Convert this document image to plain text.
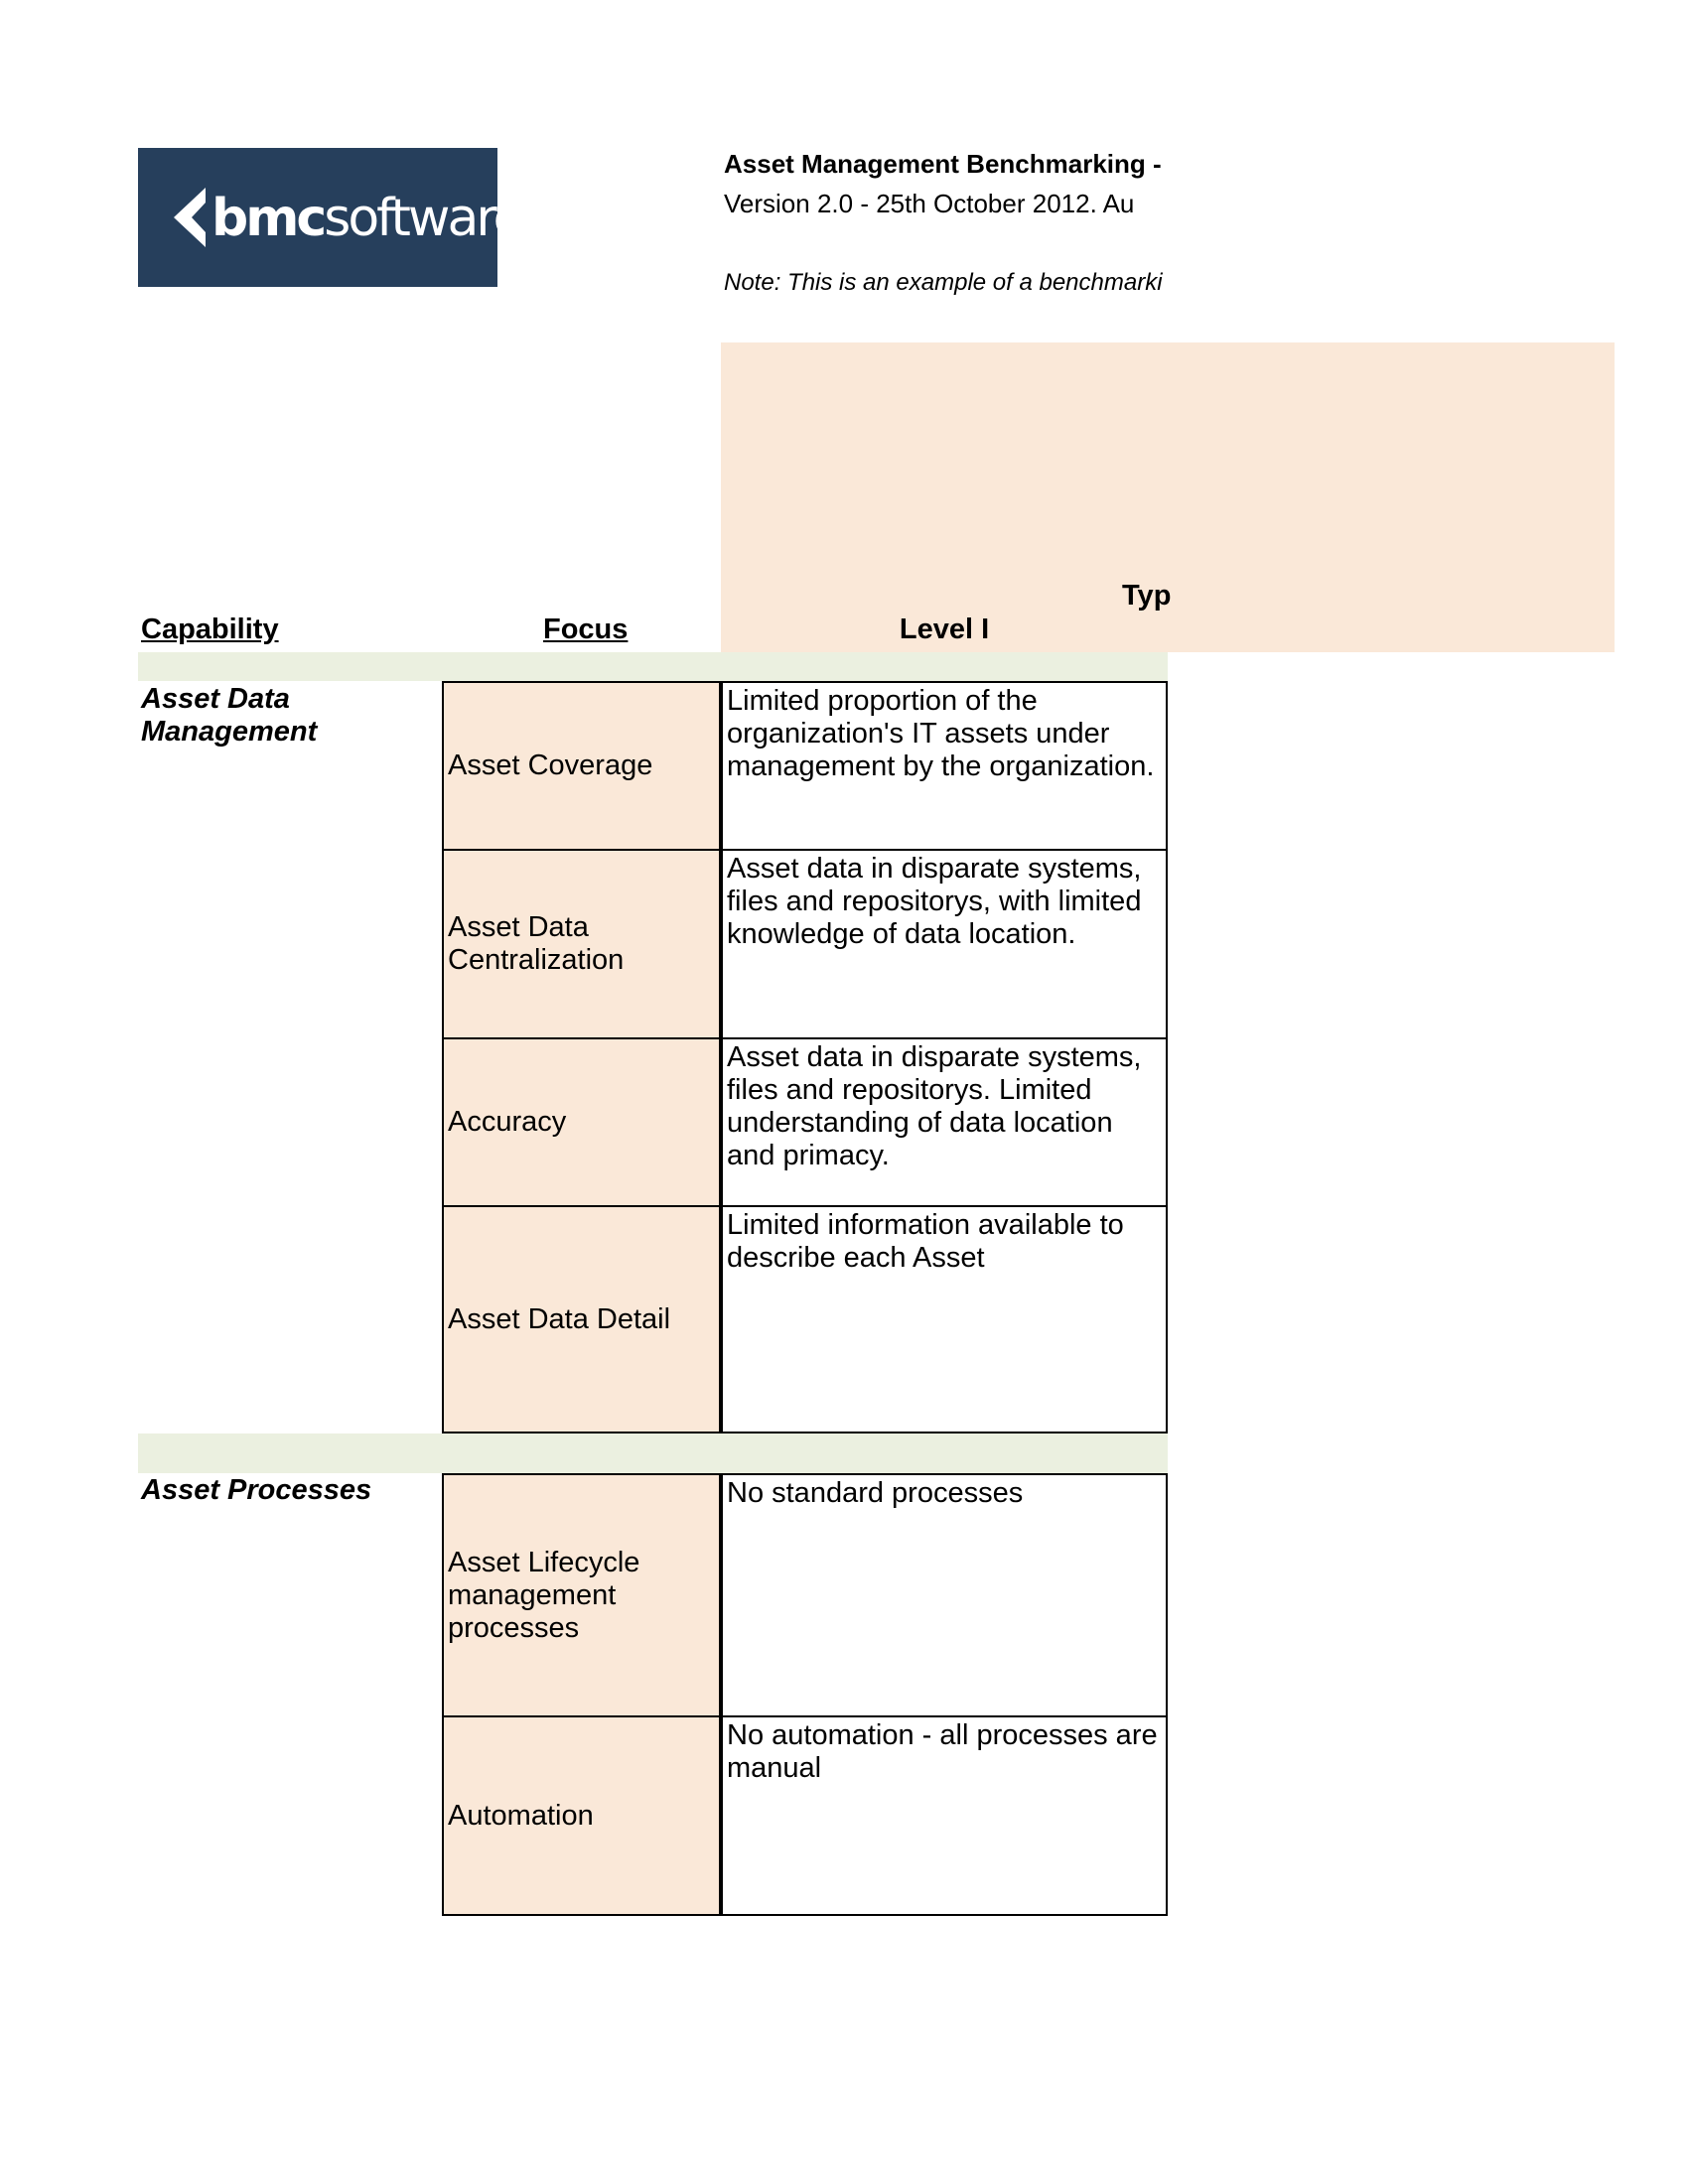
bmcsoftware
Asset Management Benchmarking -
Version 2.0 - 25th October 2012. Au
Note: This is an example of a benchmarki
Typ
Capability	Focus	Level I
Asset Data Management
Asset Coverage
Limited proportion of the organization's IT assets under management by the organization.
Asset Data Centralization
Asset data in disparate systems, files and repositorys, with limited knowledge of data location.
Accuracy
Asset data in disparate systems, files and repositorys. Limited understanding of data location and primacy.
Asset Data Detail
Limited information available to describe each Asset
Asset Processes
Asset Lifecycle management processes
No standard processes
Automation
No automation - all processes are manual
